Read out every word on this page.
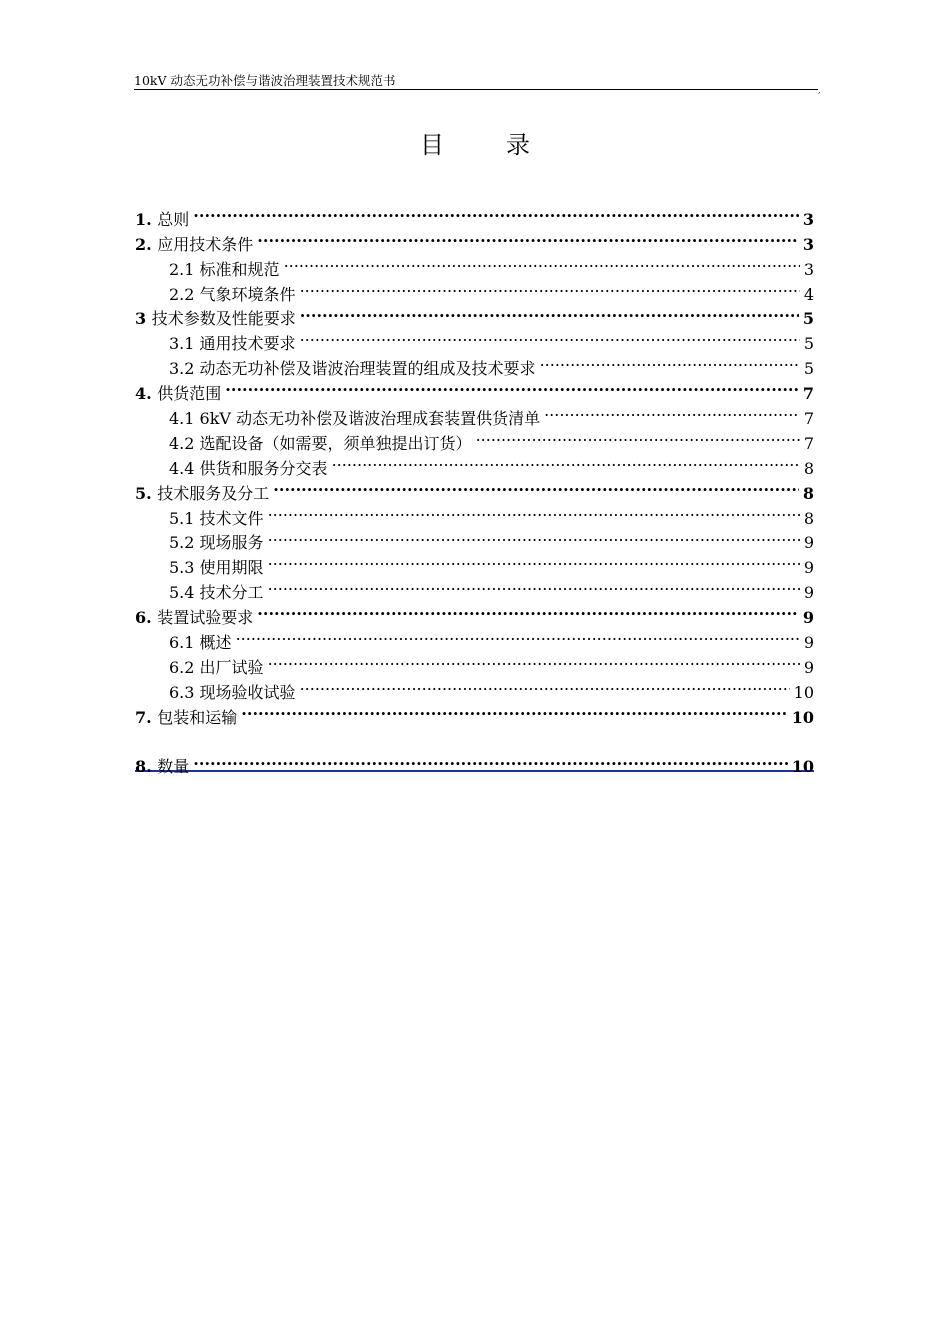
10kV 动态无功补偿与谐波治理装置技术规范书
,
目录
1. 总则 .....	3
2. 应用技术条件 .....	3
2.1 标准和规范 .....	3
2.2 气象环境条件 .....	4
3 技术参数及性能要求 .....	5
3.1 通用技术要求 .....	5
3.2 动态无功补偿及谐波治理装置的组成及技术要求 .....	5
4. 供货范围 .....	7
4.1 6kV 动态无功补偿及谐波治理成套装置供货清单 .....	7
4.2 选配设备（如需要，须单独提出订货） .....	7
4.4 供货和服务分交表 .....	8
5. 技术服务及分工 .....	8
5.1 技术文件 .....	8
5.2 现场服务 .....	9
5.3 使用期限 .....	9
5.4 技术分工 .....	9
6. 装置试验要求 .....	9
6.1 概述 .....	9
6.2 出厂试验 .....	9
6.3 现场验收试验 .....	10
7. 包装和运输 .....	10
8. 数量 .....	10
